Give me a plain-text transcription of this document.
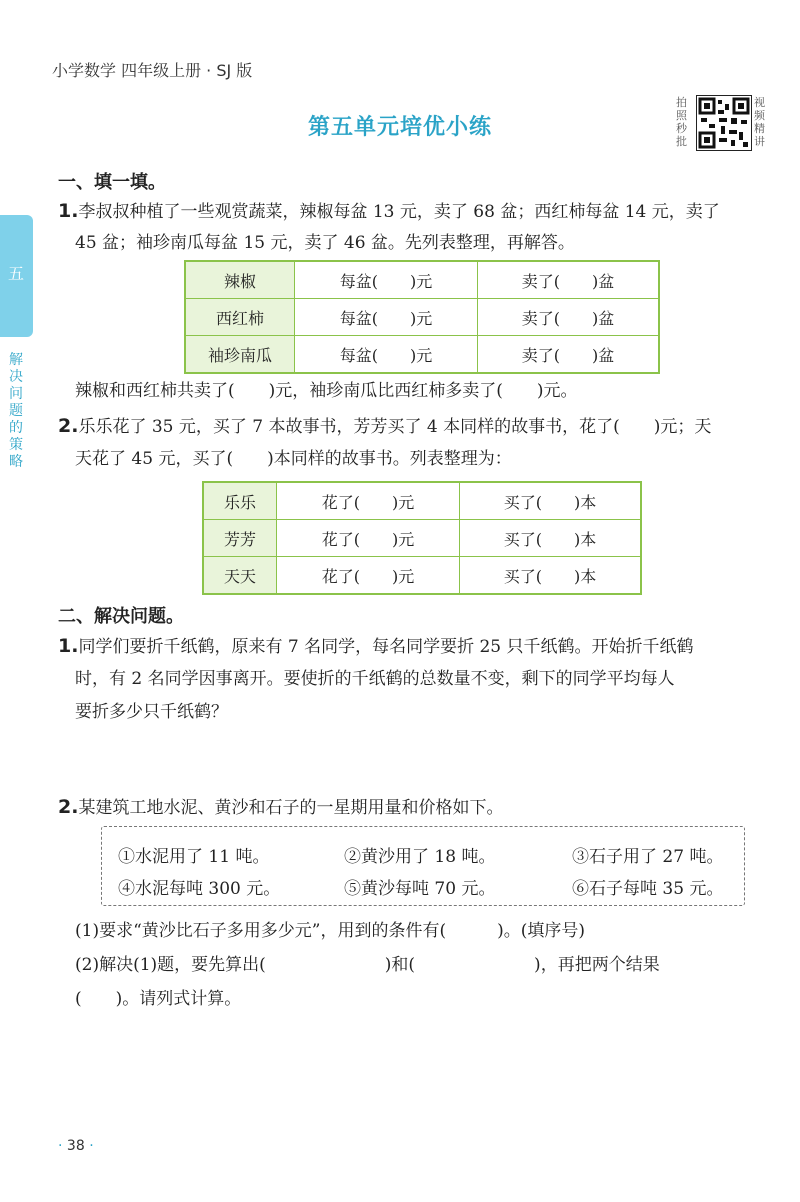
小学数学 四年级上册 · SJ 版
第五单元培优小练
拍照秒批
视频精讲
五
解决问题的策略
一、填一填。
1.李叔叔种植了一些观赏蔬菜，辣椒每盆 13 元，卖了 68 盆；西红柿每盆 14 元，卖了
45 盆；袖珍南瓜每盆 15 元，卖了 46 盆。先列表整理，再解答。
辣椒	每盆(　　)元	卖了(　　)盆
西红柿	每盆(　　)元	卖了(　　)盆
袖珍南瓜	每盆(　　)元	卖了(　　)盆
辣椒和西红柿共卖了(　　)元，袖珍南瓜比西红柿多卖了(　　)元。
2.乐乐花了 35 元，买了 7 本故事书，芳芳买了 4 本同样的故事书，花了(　　)元；天
天花了 45 元，买了(　　)本同样的故事书。列表整理为：
乐乐	花了(　　)元	买了(　　)本
芳芳	花了(　　)元	买了(　　)本
天天	花了(　　)元	买了(　　)本
二、解决问题。
1.同学们要折千纸鹤，原来有 7 名同学，每名同学要折 25 只千纸鹤。开始折千纸鹤
时，有 2 名同学因事离开。要使折的千纸鹤的总数量不变，剩下的同学平均每人
要折多少只千纸鹤？
2.某建筑工地水泥、黄沙和石子的一星期用量和价格如下。
①水泥用了 11 吨。	②黄沙用了 18 吨。	③石子用了 27 吨。
④水泥每吨 300 元。	⑤黄沙每吨 70 元。	⑥石子每吨 35 元。
(1)要求“黄沙比石子多用多少元”，用到的条件有(　　　)。(填序号)
(2)解决(1)题，要先算出(　　　　　　　)和(　　　　　　　)，再把两个结果
(　　)。请列式计算。
· 38 ·
